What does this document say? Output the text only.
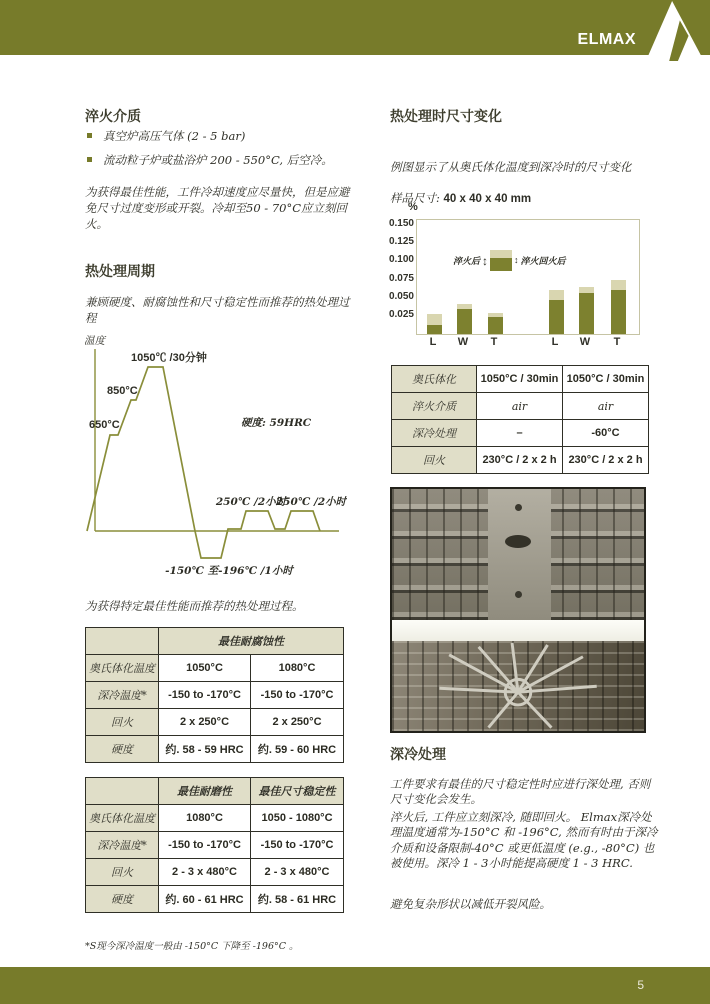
ELMAX
淬火介质
真空炉高压气体 (2 - 5 bar)
流动粒子炉或盐浴炉 200 - 550°C, 后空冷。

为获得最佳性能，工件冷却速度应尽量快，但是应避免尺寸过度变形或开裂。冷却至50 - 70°C应立刻回火。

热处理周期

兼顾硬度、耐腐蚀性和尺寸稳定性而推荐的热处理过程

温度
1050℃ /30分钟
850°C
650°C	硬度: 59HRC
250℃ /2小时
250℃ /2小时
-150℃ 至-196℃ /1小时

为获得特定最佳性能而推荐的热处理过程。

	最佳耐腐蚀性	
奥氏体化温度	1050°C	1080°C
深冷温度*	-150 to -170°C	-150 to -170°C
回火	2 x 250°C	2 x 250°C
硬度	约. 58 - 59 HRC	约. 59 - 60 HRC
	最佳耐磨性	最佳尺寸稳定性
奥氏体化温度	1080°C	1050 - 1080°C
深冷温度*	-150 to -170°C	-150 to -170°C
回火	2 - 3 x 480°C	2 - 3 x 480°C
硬度	约. 60 - 61 HRC	约. 58 - 61 HRC

*S现今深冷温度一般由 -150°C 下降至 -196°C 。

热处理时尺寸变化

例图显示了从奥氏体化温度到深冷时的尺寸变化

样品尺寸: 40 x 40 x 40 mm

%
0.150
0.125
0.100
0.075
0.050
0.025
淬火后 ↕	↕ 淬火回火后
L	W	T	L	W	T
奥氏体化	1050°C / 30min	1050°C / 30min
淬火介质	air	air
深冷处理	–	-60°C
回火	230°C / 2 x 2 h	230°C / 2 x 2 h
深冷处理

工件要求有最佳的尺寸稳定性时应进行深处理, 否则尺寸变化会发生。

淬火后, 工件应立刻深冷, 随即回火。 Elmax深冷处理温度通常为-150°C 和 -196°C, 然而有时由于深冷介质和设备限制-40°C 或更低温度 (e.g., -80°C) 也被使用。深冷 1 - 3小时能提高硬度 1 - 3 HRC.

避免复杂形状以减低开裂风险。

5
